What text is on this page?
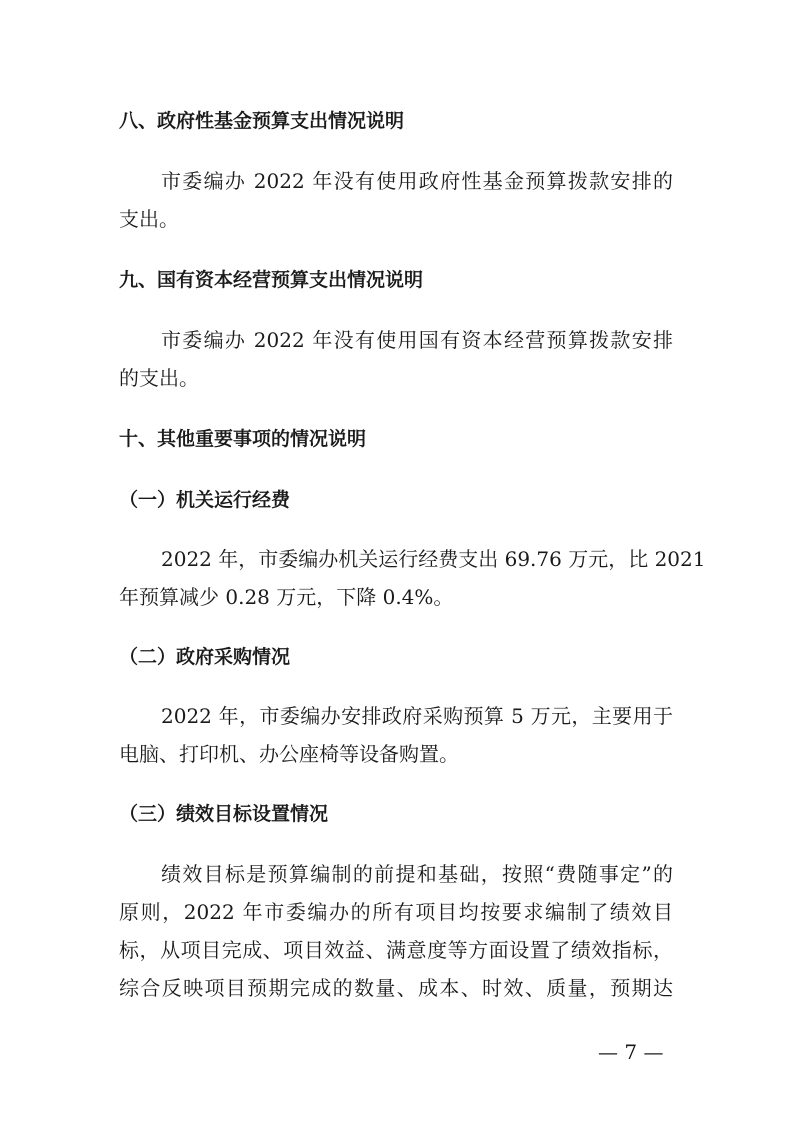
八、政府性基金预算支出情况说明

市委编办 2022 年没有使用政府性基金预算拨款安排的

支出。

九、国有资本经营预算支出情况说明

市委编办 2022 年没有使用国有资本经营预算拨款安排

的支出。

十、其他重要事项的情况说明
（一）机关运行经费

2022 年，市委编办机关运行经费支出 69.76 万元，比 2021

年预算减少 0.28 万元，下降 0.4%。

（二）政府采购情况

2022 年，市委编办安排政府采购预算 5 万元，主要用于

电脑、打印机、办公座椅等设备购置。

（三）绩效目标设置情况

绩效目标是预算编制的前提和基础，按照“费随事定”的

原则，2022 年市委编办的所有项目均按要求编制了绩效目

标，从项目完成、项目效益、满意度等方面设置了绩效指标，

综合反映项目预期完成的数量、成本、时效、质量，预期达

— 7 —
